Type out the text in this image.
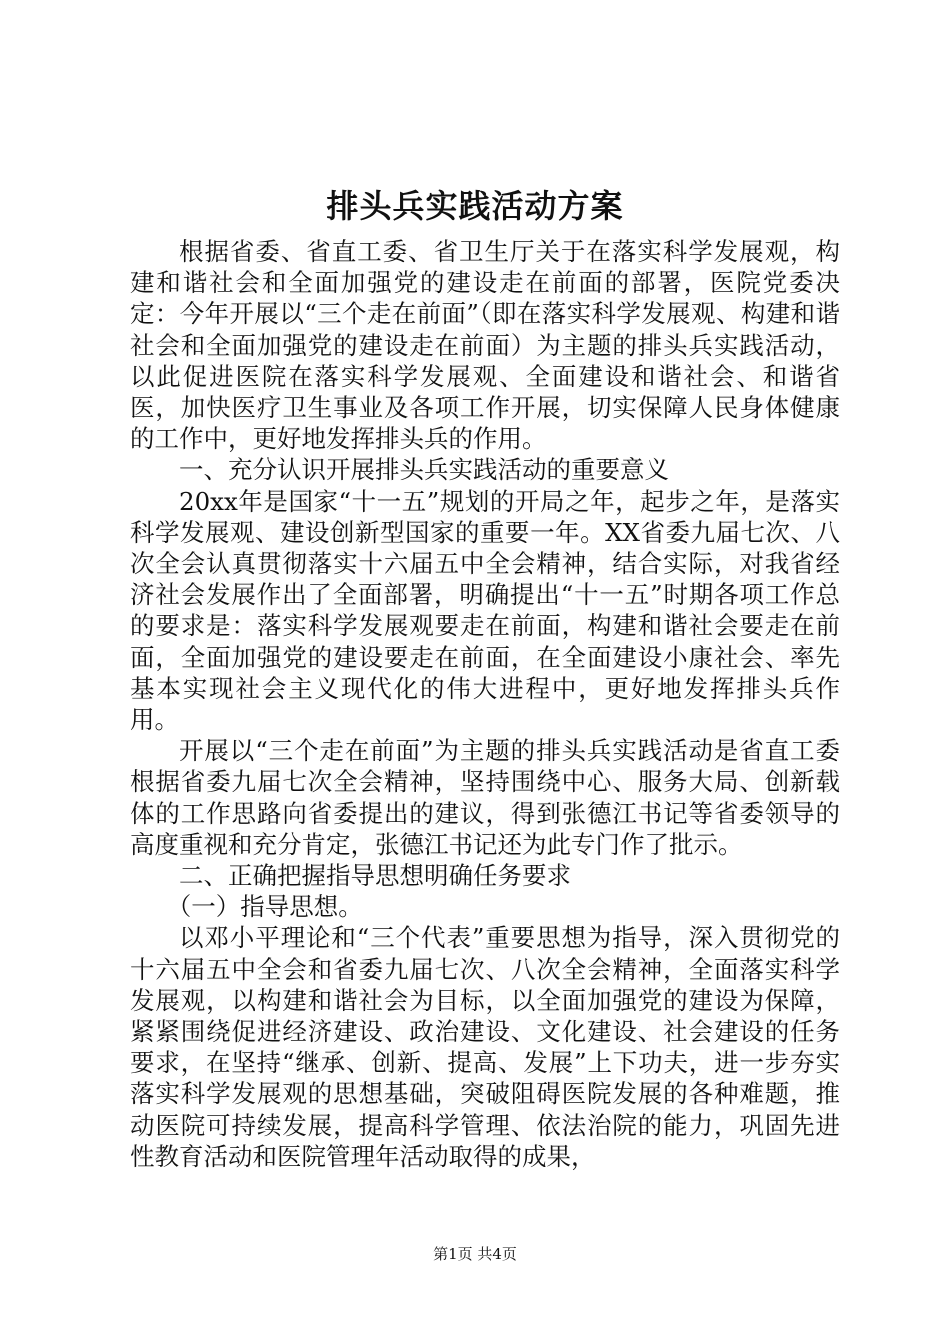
排头兵实践活动方案

根据省委、省直工委、省卫生厅关于在落实科学发展观，构建和谐社会和全面加强党的建设走在前面的部署，医院党委决定：今年开展以“三个走在前面”（即在落实科学发展观、构建和谐社会和全面加强党的建设走在前面）为主题的排头兵实践活动，以此促进医院在落实科学发展观、全面建设和谐社会、和谐省医，加快医疗卫生事业及各项工作开展，切实保障人民身体健康的工作中，更好地发挥排头兵的作用。

一、充分认识开展排头兵实践活动的重要意义

20xx年是国家“十一五”规划的开局之年，起步之年，是落实科学发展观、建设创新型国家的重要一年。XX省委九届七次、八次全会认真贯彻落实十六届五中全会精神，结合实际，对我省经济社会发展作出了全面部署，明确提出“十一五”时期各项工作总的要求是：落实科学发展观要走在前面，构建和谐社会要走在前面，全面加强党的建设要走在前面，在全面建设小康社会、率先基本实现社会主义现代化的伟大进程中，更好地发挥排头兵作用。

开展以“三个走在前面”为主题的排头兵实践活动是省直工委根据省委九届七次全会精神，坚持围绕中心、服务大局、创新载体的工作思路向省委提出的建议，得到张德江书记等省委领导的高度重视和充分肯定，张德江书记还为此专门作了批示。

二、正确把握指导思想明确任务要求

（一）指导思想。

以邓小平理论和“三个代表”重要思想为指导，深入贯彻党的十六届五中全会和省委九届七次、八次全会精神，全面落实科学发展观，以构建和谐社会为目标，以全面加强党的建设为保障，紧紧围绕促进经济建设、政治建设、文化建设、社会建设的任务要求，在坚持“继承、创新、提高、发展”上下功夫，进一步夯实落实科学发展观的思想基础，突破阻碍医院发展的各种难题，推动医院可持续发展，提高科学管理、依法治院的能力，巩固先进性教育活动和医院管理年活动取得的成果，

第1页 共4页
